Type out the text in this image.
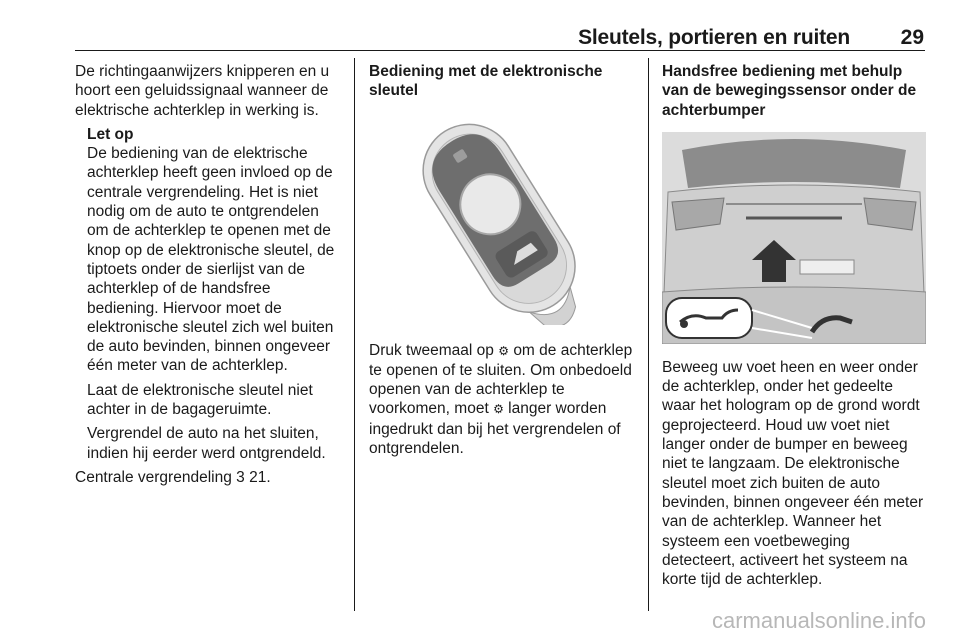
Sleutels, portieren en ruiten 29

De richtingaanwijzers knipperen en u hoort een geluidssignaal wanneer de elektrische achterklep in werking is.

Let op

De bediening van de elektrische achterklep heeft geen invloed op de centrale vergrendeling. Het is niet nodig om de auto te ontgrendelen om de achterklep te openen met de knop op de elektronische sleutel, de tiptoets onder de sierlijst van de achterklep of de handsfree bediening. Hiervoor moet de elektronische sleutel zich wel buiten de auto bevinden, binnen ongeveer één meter van de achterklep.

Laat de elektronische sleutel niet achter in de bagageruimte.

Vergrendel de auto na het sluiten, indien hij eerder werd ontgrendeld.

Centrale vergrendeling 3 21.

Bediening met de elektronische sleutel

Druk tweemaal op ⚙ om de achterklep te openen of te sluiten. Om onbedoeld openen van de achterklep te voorkomen, moet ⚙ langer worden ingedrukt dan bij het vergrendelen of ontgrendelen.

Handsfree bediening met behulp van de bewegingssensor onder de achterbumper

Beweeg uw voet heen en weer onder de achterklep, onder het gedeelte waar het hologram op de grond wordt geprojecteerd. Houd uw voet niet langer onder de bumper en beweeg niet te langzaam. De elektronische sleutel moet zich buiten de auto bevinden, binnen ongeveer één meter van de achterklep. Wanneer het systeem een voetbeweging detecteert, activeert het systeem na korte tijd de achterklep.

carmanualsonline.info
